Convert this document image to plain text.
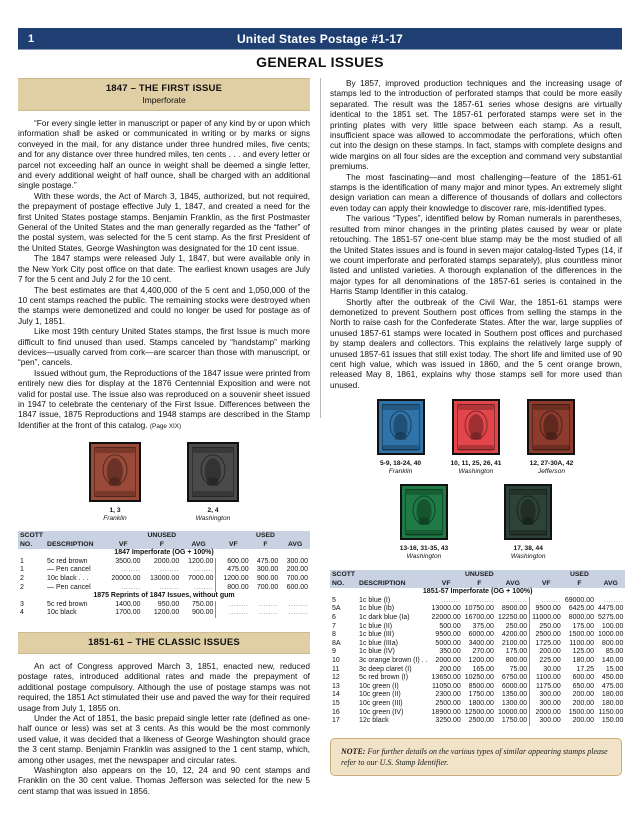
1	United States Postage #1-17
GENERAL ISSUES
1847 – THE FIRST ISSUE
Imperforate

“For every single letter in manuscript or paper of any kind by or upon which information shall be asked or communicated in writing or by marks or signs conveyed in the mail, for any distance under three hundred miles, five cents; and for any distance over three hundred miles, ten cents . . . and every letter or parcel not exceeding half an ounce in weight shall be deemed a single letter, and every additional weight of half ounce, shall be charged with an additional single postage.”

With these words, the Act of March 3, 1845, authorized, but not required, the prepayment of postage effective July 1, 1847, and created a need for the first United States postage stamps. Benjamin Franklin, as the first Postmaster General of the United States and the man generally regarded as the “father” of the postal system, was selected for the 5 cent stamp. As the first President of the United States, George Washington was designated for the 10 cent issue.

The 1847 stamps were released July 1, 1847, but were available only in the New York City post office on that date. The earliest known usages are July 7 for the 5 cent and July 2 for the 10 cent.

The best estimates are that 4,400,000 of the 5 cent and 1,050,000 of the 10 cent stamps reached the public. The remaining stocks were destroyed when the stamps were demonetized and could no longer be used for postage as of July 1, 1851.

Like most 19th century United States stamps, the first Issue is much more difficult to find unused than used. Stamps canceled by “handstamp” marking devices—usually carved from cork—are scarcer than those with manuscript, or “pen”, cancels.

Issued without gum, the Reproductions of the 1847 issue were printed from entirely new dies for display at the 1876 Centennial Exposition and were not valid for postal use. The issue also was reproduced on a souvenir sheet issued in 1947 to celebrate the centenary of the First Issue. Differences between the 1847 issue, 1875 Reproductions and 1948 stamps are described in the Stamp Identifier at the front of this catalog. (Page XIX)

1, 3
Franklin
2, 4
Washington
SCOTT			UNUSED			USED	
NO.	DESCRIPTION	VF	F	AVG	VF	F	AVG
1847 Imperforate (OG + 100%)							
1	5c red brown	3500.00	2000.00	1200.00	600.00	475.00	300.00
1	— Pen cancel	........	........	........	475.00	300.00	200.00
2	10c black . . .	20000.00	13000.00	7000.00	1200.00	900.00	700.00
2	— Pen cancel	........	........	........	800.00	700.00	600.00
1875 Reprints of 1847 Issues, without gum							
3	5c red brown	1400.00	950.00	750.00	........	........	........
4	10c black	1700.00	1200.00	900.00	........	........	........
1851-61 – THE CLASSIC ISSUES

An act of Congress approved March 3, 1851, enacted new, reduced postage rates, introduced additional rates and made the prepayment of additional postage compulsory. Although the use of postage stamps was not required, the 1851 Act stimulated their use and paved the way for their required usage from July 1, 1855 on.

Under the Act of 1851, the basic prepaid single letter rate (defined as one-half ounce or less) was set at 3 cents. As this would be the most commonly used value, it was decided that a likeness of George Washington should grace the 3 cent stamp. Benjamin Franklin was assigned to the 1 cent stamp, which, among other usages, met the newspaper and circular rates.

Washington also appears on the 10, 12, 24 and 90 cent stamps and Franklin on the 30 cent value. Thomas Jefferson was selected for the new 5 cent stamp that was issued in 1856.

By 1857, improved production techniques and the increasing usage of stamps led to the introduction of perforated stamps that could be more easily separated. The result was the 1857-61 series whose designs are virtually identical to the 1851 set. The 1857-61 perforated stamps were set in the printing plates with very little space between each stamp. As a result, insufficient space was allowed to accommodate the perforations, which often cut into the design on these stamps. In fact, stamps with complete designs and wide margins on all four sides are the exception and command very substantial premiums.

The most fascinating—and most challenging—feature of the 1851-61 stamps is the identification of many major and minor types. An extremely slight design variation can mean a difference of thousands of dollars and collectors even today can apply their knowledge to discover rare, mis-identified types.

The various “Types”, identified below by Roman numerals in parentheses, resulted from minor changes in the printing plates caused by wear or plate retouching. The 1851-57 one-cent blue stamp may be the most studied of all the United States issues and is found in seven major catalog-listed Types (14, if we count imperforate and perforated stamps separately), plus countless minor listed and unlisted varieties. A thorough explanation of the differences in the major types for all denominations of the 1857-61 series is contained in the Harris Stamp Identifier in this catalog.

Shortly after the outbreak of the Civil War, the 1851-61 stamps were demonetized to prevent Southern post offices from selling the stamps in the North to raise cash for the Confederate States. After the war, large supplies of unused 1857-61 stamps were located in Southern post offices and purchased by stamp dealers and collectors. This explains the relatively large supply of unused 1857-61 issues that still exist today. The short life and limited use of 90 cent high value, which was issued in 1860, and the 5 cent orange brown, released May 8, 1861, explains why those stamps sell for more used than unused.

5-9, 18-24, 40
Franklin
10, 11, 25, 26, 41
Washington
12, 27-30A, 42
Jefferson
13-16, 31-35, 43
Washington
17, 38, 44
Washington
SCOTT			UNUSED			USED	
NO.	DESCRIPTION	VF	F	AVG	VF	F	AVG
1851-57 Imperforate (OG + 100%)							
5	1c blue (I)	........	........	........	........	69000.00	........
5A	1c blue (Ib)	13000.00	10750.00	8900.00	9500.00	6425.00	4475.00
6	1c dark blue (Ia)	22000.00	16700.00	12250.00	11000.00	8000.00	5275.00
7	1c blue (II)	500.00	375.00	250.00	250.00	175.00	100.00
8	1c blue (III)	9500.00	6000.00	4200.00	2500.00	1500.00	1000.00
8A	1c blue (IIIa)	5000.00	3400.00	2100.00	1725.00	1100.00	800.00
9	1c blue (IV)	350.00	270.00	175.00	200.00	125.00	85.00
10	3c orange brown (I) . .	2000.00	1200.00	800.00	225.00	180.00	140.00
11	3c deep claret (I)	200.00	165.00	75.00	30.00	17.25	15.00
12	5c red brown (I)	13650.00	10250.00	6750.00	1100.00	600.00	450.00
13	10c green (I)	11050.00	8500.00	6000.00	1175.00	650.00	475.00
14	10c green (II)	2300.00	1750.00	1350.00	300.00	200.00	180.00
15	10c green (III)	2500.00	1800.00	1300.00	300.00	200.00	180.00
16	10c green (IV)	18900.00	12500.00	10000.00	2000.00	1500.00	1150.00
17	12c black	3250.00	2500.00	1750.00	300.00	200.00	150.00
NOTE: For further details on the various types of similar appearing stamps please refer to our U.S. Stamp Identifier.
